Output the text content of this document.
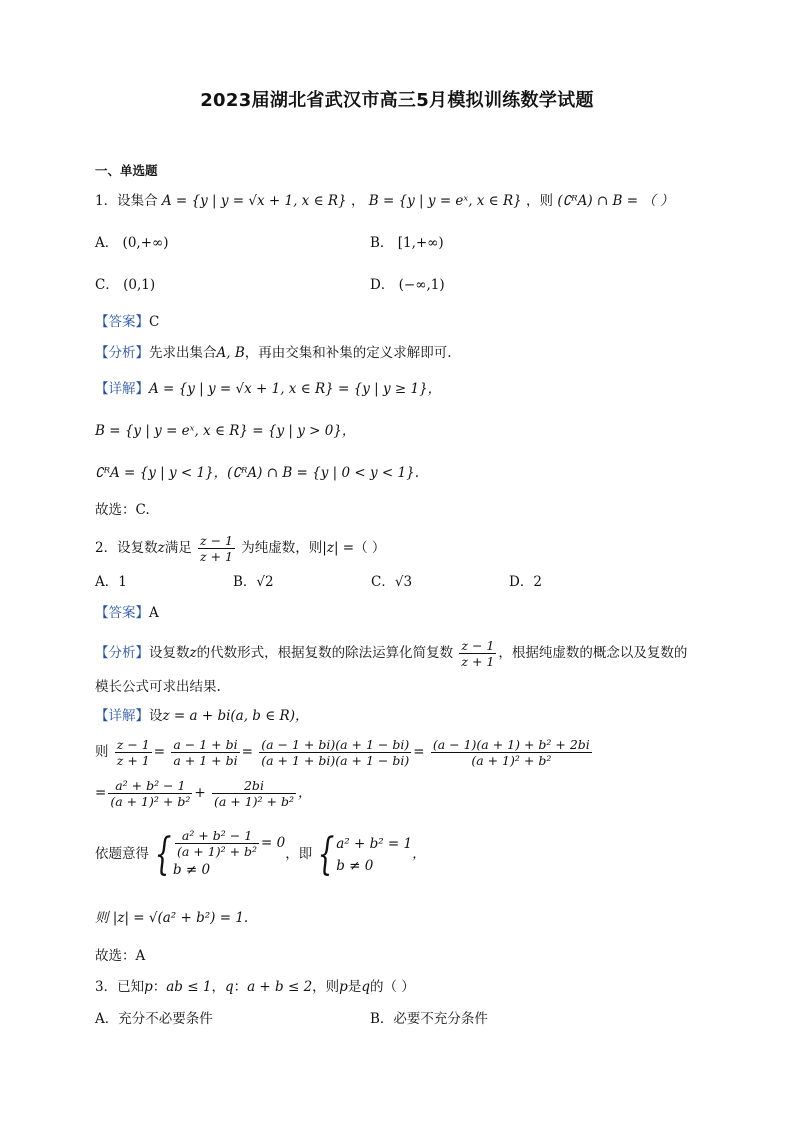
2023届湖北省武汉市高三5月模拟训练数学试题
一、单选题
1．设集合 A = {y | y = √x + 1, x ∈ R} ， B = {y | y = eˣ, x ∈ R} ，则 (∁ᴿA) ∩ B = （ ）
A． (0,+∞)	B． [1,+∞)
C． (0,1)	D． (−∞,1)
【答案】C
【分析】先求出集合A, B，再由交集和补集的定义求解即可.
【详解】A = {y | y = √x + 1, x ∈ R} = {y | y ≥ 1}，
B = {y | y = eˣ, x ∈ R} = {y | y > 0}，
∁ᴿA = {y | y < 1}，(∁ᴿA) ∩ B = {y | 0 < y < 1}.
故选：C.
2．设复数z满足 $\frac{z - 1}{z + 1}$ 为纯虚数，则|z| =（ ）
A．1	B．√2	C．√3	D．2
【答案】A
【分析】设复数z的代数形式，根据复数的除法运算化简复数 $\frac{z - 1}{z + 1}$ ，根据纯虚数的概念以及复数的
模长公式可求出结果.
【详解】设z = a + bi(a, b ∈ R)，
则 $\frac{z - 1}{z + 1} = \frac{a - 1 + bi}{a + 1 + bi} = \frac{(a - 1 + bi)(a + 1 - bi)}{(a + 1 + bi)(a + 1 - bi)} = \frac{\text{(a − 1)(a + 1) + b² + 2bi}}{\text{(a + 1)² + b²}}$
= $\frac{\text{a² + b² − 1}}{\text{(a + 1)² + b²}} + \frac{2bi}{\text{(a + 1)² + b²}}$ ，
依题意得 { $\frac{\text{a² + b² − 1}}{\text{(a + 1)² + b²}} = 0$
b ≠ 0
，即 { a² + b² = 1
b ≠ 0
，
则 |z| = √(a² + b²) = 1.
故选：A
3．已知p：ab ≤ 1，q：a + b ≤ 2，则p是q的（ ）
A．充分不必要条件	B．必要不充分条件
